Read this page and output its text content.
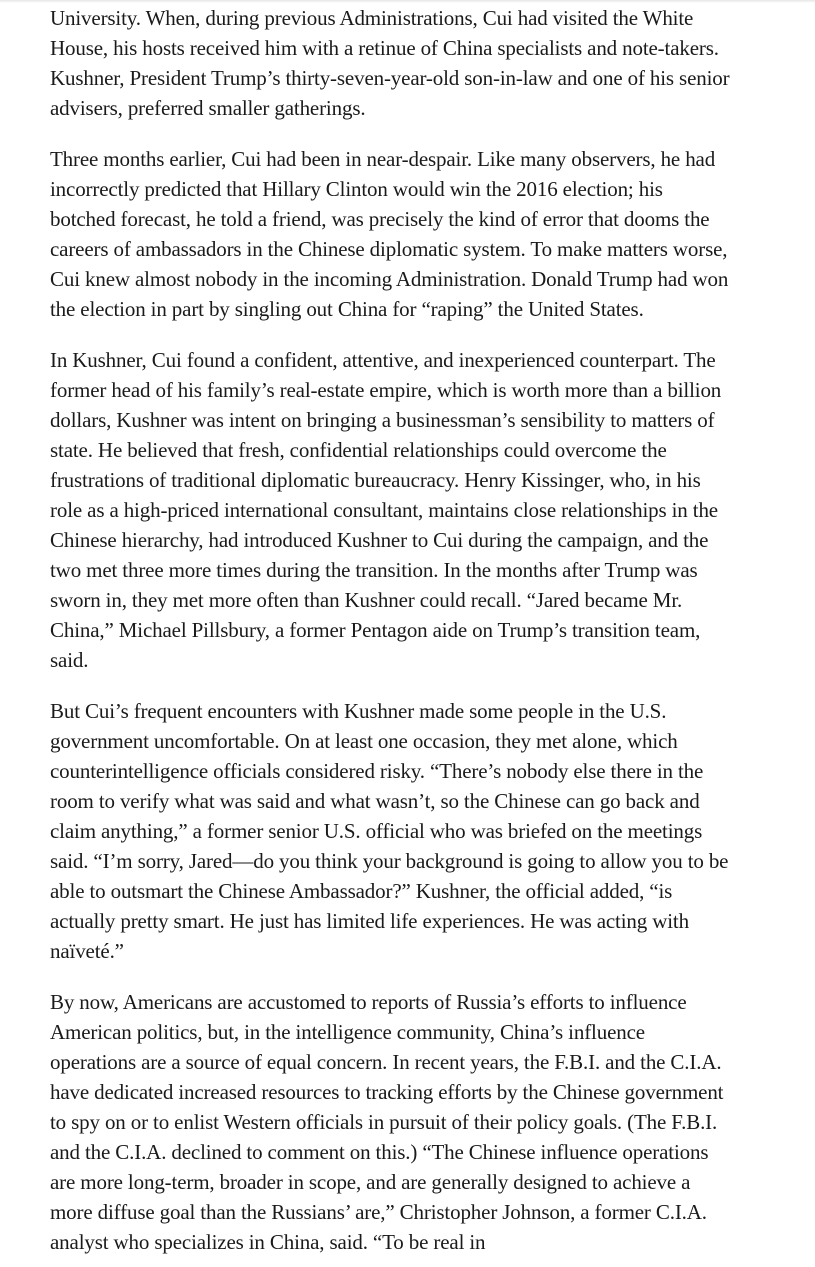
University. When, during previous Administrations, Cui had visited the White House, his hosts received him with a retinue of China specialists and note-takers. Kushner, President Trump’s thirty-seven-year-old son-in-law and one of his senior advisers, preferred smaller gatherings.

Three months earlier, Cui had been in near-despair. Like many observers, he had incorrectly predicted that Hillary Clinton would win the 2016 election; his botched forecast, he told a friend, was precisely the kind of error that dooms the careers of ambassadors in the Chinese diplomatic system. To make matters worse, Cui knew almost nobody in the incoming Administration. Donald Trump had won the election in part by singling out China for “raping” the United States.

In Kushner, Cui found a confident, attentive, and inexperienced counterpart. The former head of his family’s real-estate empire, which is worth more than a billion dollars, Kushner was intent on bringing a businessman’s sensibility to matters of state. He believed that fresh, confidential relationships could overcome the frustrations of traditional diplomatic bureaucracy. Henry Kissinger, who, in his role as a high-priced international consultant, maintains close relationships in the Chinese hierarchy, had introduced Kushner to Cui during the campaign, and the two met three more times during the transition. In the months after Trump was sworn in, they met more often than Kushner could recall. “Jared became Mr. China,” Michael Pillsbury, a former Pentagon aide on Trump’s transition team, said.

But Cui’s frequent encounters with Kushner made some people in the U.S. government uncomfortable. On at least one occasion, they met alone, which counterintelligence officials considered risky. “There’s nobody else there in the room to verify what was said and what wasn’t, so the Chinese can go back and claim anything,” a former senior U.S. official who was briefed on the meetings said. “I’m sorry, Jared—do you think your background is going to allow you to be able to outsmart the Chinese Ambassador?” Kushner, the official added, “is actually pretty smart. He just has limited life experiences. He was acting with naïveté.”

By now, Americans are accustomed to reports of Russia’s efforts to influence American politics, but, in the intelligence community, China’s influence operations are a source of equal concern. In recent years, the F.B.I. and the C.I.A. have dedicated increased resources to tracking efforts by the Chinese government to spy on or to enlist Western officials in pursuit of their policy goals. (The F.B.I. and the C.I.A. declined to comment on this.) “The Chinese influence operations are more long-term, broader in scope, and are generally designed to achieve a more diffuse goal than the Russians’ are,” Christopher Johnson, a former C.I.A. analyst who specializes in China, said. “To be real in
